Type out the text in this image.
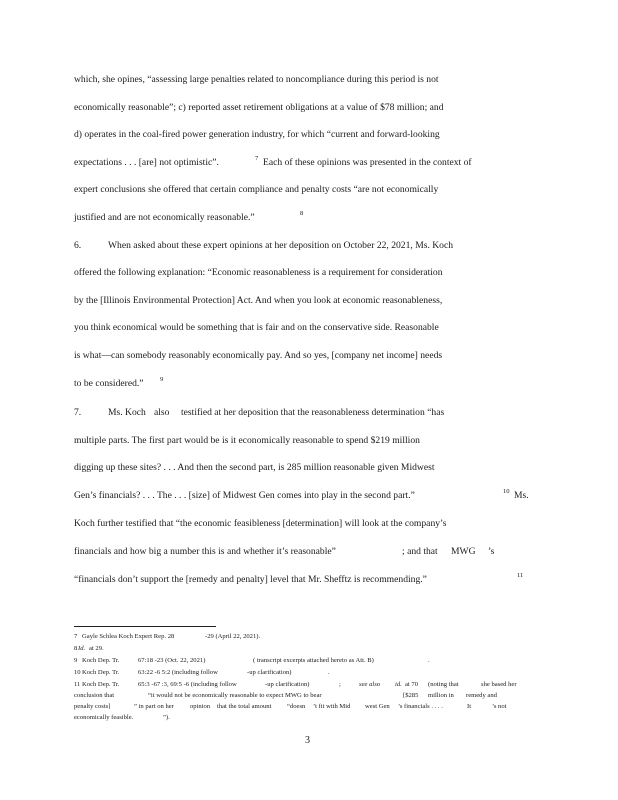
which, she opines, “assessing large penalties related to noncompliance during this period is not
economically reasonable”; c) reported asset retirement obligations at a value of $78 million; and
d) operates in the coal-fired power generation industry, for which “current and forward-looking
expectations . . . [are] not optimistic”.	7 Each of these opinions was presented in the context of
expert conclusions she offered that certain compliance and penalty costs “are not economically
justified and are not economically reasonable.”	8
6.	When asked about these expert opinions at her deposition on October 22, 2021, Ms. Koch
offered the following explanation: “Economic reasonableness is a requirement for consideration
by the [Illinois Environmental Protection] Act. And when you look at economic reasonableness,
you think economical would be something that is fair and on the conservative side. Reasonable
is what—can somebody reasonably economically pay. And so yes, [company net income] needs
to be considered.” 9
7.	Ms. Koch also testified at her deposition that the reasonableness determination “has
multiple parts. The first part would be is it economically reasonable to spend $219 million
digging up these sites? . . . And then the second part, is 285 million reasonable given Midwest
Gen’s financials? . . . The . . . [size] of Midwest Gen comes into play in the second part.”	10 Ms.
Koch further testified that “the economic feasibleness [determination] will look at the company’s
financials and how big a number this is and whether it’s reasonable”	; and that MWG ’s
“financials don’t support the [remedy and penalty] level that Mr. Shefftz is recommending.”	11
7 Gayle Schlea Koch Expert Rep. 28	-29 (April 22, 2021).
8 Id. at 29.
9 Koch Dep. Tr.	67:18 -23 (Oct. 22, 2021)	( transcript excerpts attached hereto as Att. B)	.
10 Koch Dep. Tr.	63:22 -6 5:2 (including follow	-up clarification)	.
11 Koch Dep. Tr.	65:3 -67 :3, 69:5 -6 (including follow	-up clarification)	;	see also id. at 70 (noting that	she based her
conclusion that	“it would not be economically reasonable to expect MWG to bear	[$285 million in remedy and
penalty costs]	” in part on her opinion that the total amount “doesn ’t fit with Mid west Gen ’s financials . . . .	It	’s not
economically feasible.	”).
3
